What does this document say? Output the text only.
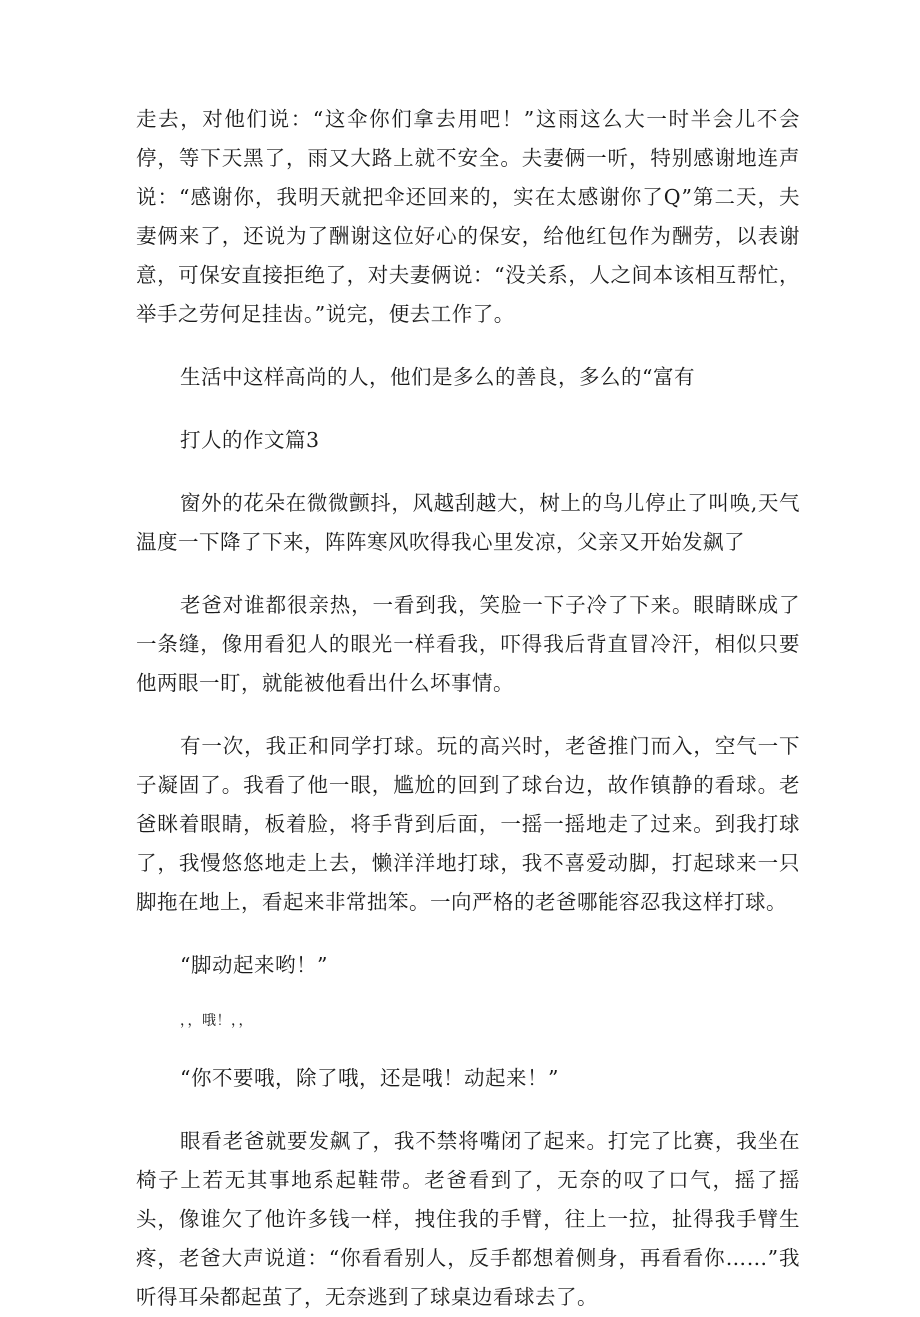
走去，对他们说：“这伞你们拿去用吧！”这雨这么大一时半会儿不会停，等下天黑了，雨又大路上就不安全。夫妻俩一听，特别感谢地连声说：“感谢你，我明天就把伞还回来的，实在太感谢你了Q”第二天，夫妻俩来了，还说为了酬谢这位好心的保安，给他红包作为酬劳，以表谢意，可保安直接拒绝了，对夫妻俩说：“没关系，人之间本该相互帮忙，举手之劳何足挂齿。”说完，便去工作了。

生活中这样高尚的人，他们是多么的善良，多么的“富有

打人的作文篇3

窗外的花朵在微微颤抖，风越刮越大，树上的鸟儿停止了叫唤,天气温度一下降了下来，阵阵寒风吹得我心里发凉，父亲又开始发飙了

老爸对谁都很亲热，一看到我，笑脸一下子冷了下来。眼睛眯成了一条缝，像用看犯人的眼光一样看我，吓得我后背直冒冷汗，相似只要他两眼一盯，就能被他看出什么坏事情。

有一次，我正和同学打球。玩的高兴时，老爸推门而入，空气一下子凝固了。我看了他一眼，尴尬的回到了球台边，故作镇静的看球。老爸眯着眼睛，板着脸，将手背到后面，一摇一摇地走了过来。到我打球了，我慢悠悠地走上去，懒洋洋地打球，我不喜爱动脚，打起球来一只脚拖在地上，看起来非常拙笨。一向严格的老爸哪能容忍我这样打球。

“脚动起来哟！”

，，哦！，，

“你不要哦，除了哦，还是哦！动起来！”

眼看老爸就要发飙了，我不禁将嘴闭了起来。打完了比赛，我坐在椅子上若无其事地系起鞋带。老爸看到了，无奈的叹了口气，摇了摇头，像谁欠了他许多钱一样，拽住我的手臂，往上一拉，扯得我手臂生疼，老爸大声说道：“你看看别人，反手都想着侧身，再看看你……”我听得耳朵都起茧了，无奈逃到了球桌边看球去了。
